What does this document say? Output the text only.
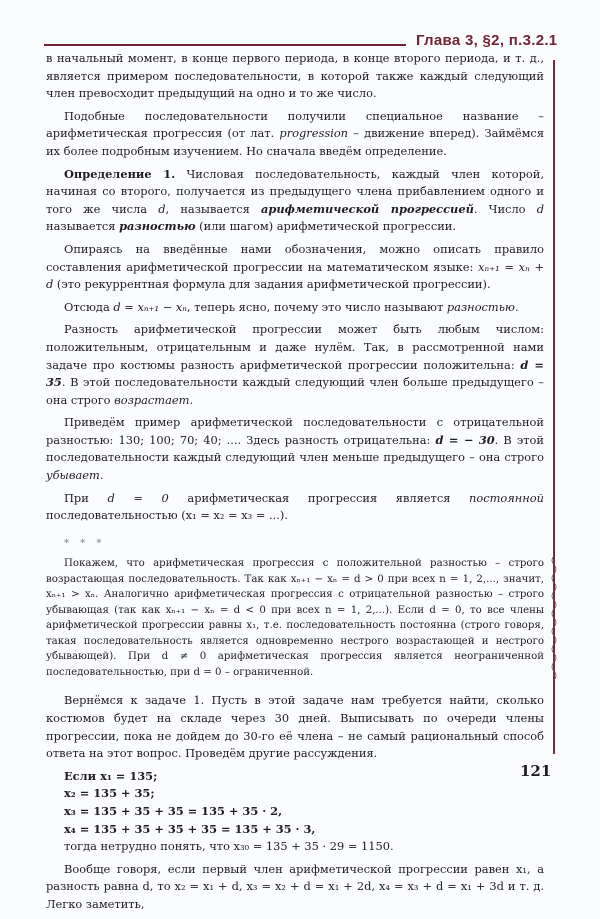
Глава 3, §2, п.3.2.1

в начальный момент, в конце первого периода, в конце второго периода, и т. д., является примером последовательности, в которой также каждый следующий член превосходит предыдущий на одно и то же число.

Подобные последовательности получили специальное название – арифметическая прогрессия (от лат. progression – движение вперед). Займёмся их более подробным изучением. Но сначала введём определение.

Определение 1. Числовая последовательность, каждый член которой, начиная со второго, получается из предыдущего члена прибавлением одного и того же числа d, называется арифметической прогрессией. Число d называется разностью (или шагом) арифметической прогрессии.

Опираясь на введённые нами обозначения, можно описать правило составления арифметической прогрессии на математическом языке: xₙ₊₁ = xₙ + d (это рекуррентная формула для задания арифметической прогрессии).

Отсюда d = xₙ₊₁ − xₙ, теперь ясно, почему это число называют разностью.

Разность арифметической прогрессии может быть любым числом: положительным, отрицательным и даже нулём. Так, в рассмотренной нами задаче про костюмы разность арифметической прогрессии положительна: d = 35. В этой последовательности каждый следующий член больше предыдущего – она строго возрастает.

Приведём пример арифметической последовательности с отрицательной разностью: 130; 100; 70; 40; .... Здесь разность отрицательна: d = − 30. В этой последовательности каждый следующий член меньше предыдущего – она строго убывает.

При d = 0 арифметическая прогрессия является постоянной последовательностью (x₁ = x₂ = x₃ = ...).

* * *

Покажем, что арифметическая прогрессия с положительной разностью – строго возрастающая последовательность. Так как xₙ₊₁ − xₙ = d > 0 при всех n = 1, 2,..., значит, xₙ₊₁ > xₙ. Аналогично арифметическая прогрессия с отрицательной разностью – строго убывающая (так как xₙ₊₁ − xₙ = d < 0 при всех n = 1, 2,...). Если d = 0, то все члены арифметической прогрессии равны x₁, т.е. последовательность постоянна (строго говоря, такая последовательность является одновременно нестрого возрастающей и нестрого убывающей). При d ≠ 0 арифметическая прогрессия является неограниченной последовательностью, при d = 0 – ограниченной.

Вернёмся к задаче 1. Пусть в этой задаче нам требуется найти, сколько костюмов будет на складе через 30 дней. Выписывать по очереди члены прогрессии, пока не дойдем до 30-го её члена – не самый рациональный способ ответа на этот вопрос. Проведём другие рассуждения.

Если x₁ = 135;
x₂ = 135 + 35;
x₃ = 135 + 35 + 35 = 135 + 35 · 2,
x₄ = 135 + 35 + 35 + 35 = 135 + 35 · 3,
тогда нетрудно понять, что x₃₀ = 135 + 35 · 29 = 1150.

Вообще говоря, если первый член арифметической прогрессии равен x₁, а разность равна d, то x₂ = x₁ + d, x₃ = x₂ + d = x₁ + 2d, x₄ = x₃ + d = x₁ + 3d и т. д. Легко заметить,

121
